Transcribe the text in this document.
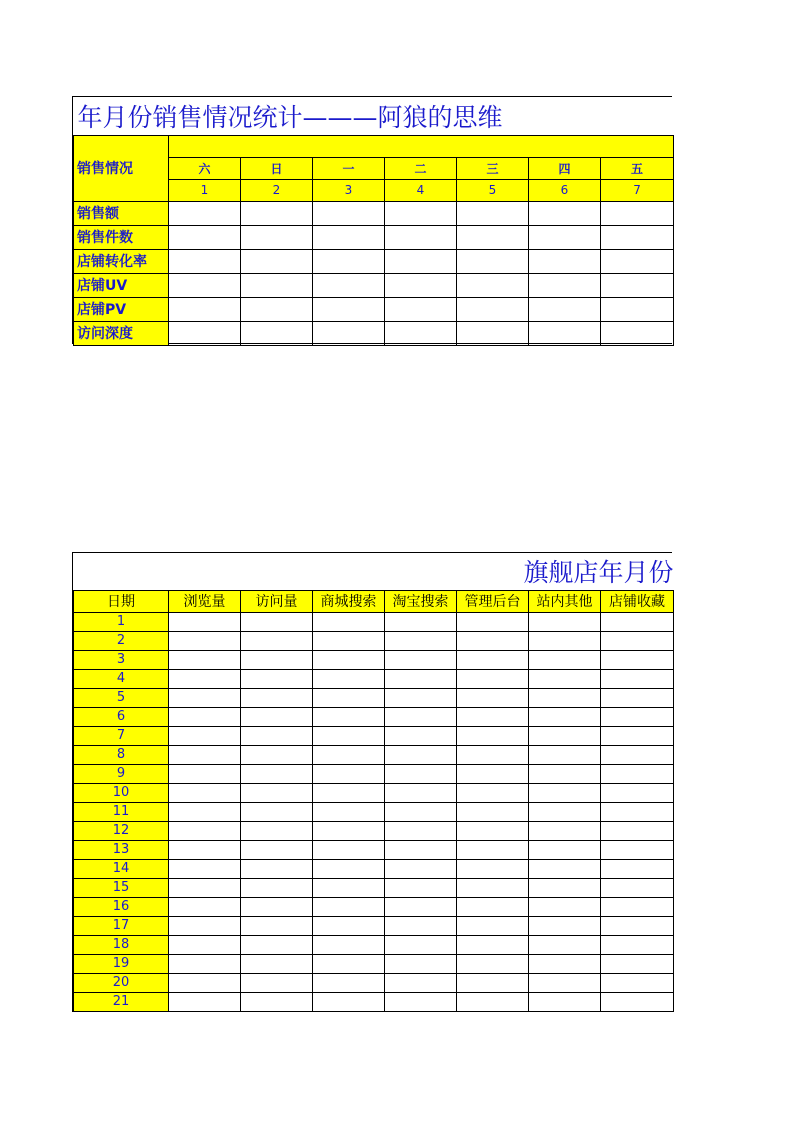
年月份销售情况统计———阿狼的思维							
销售情况							
	六	日	一	二	三	四	五
	1	2	3	4	5	6	7
销售额							
销售件数							
店铺转化率							
店铺UV							
店铺PV							
访问深度							
旗舰店年月份							
日期	浏览量	访问量	商城搜索	淘宝搜索	管理后台	站内其他	店铺收藏
1							
2							
3							
4							
5							
6							
7							
8							
9							
10							
11							
12							
13							
14							
15							
16							
17							
18							
19							
20							
21							
